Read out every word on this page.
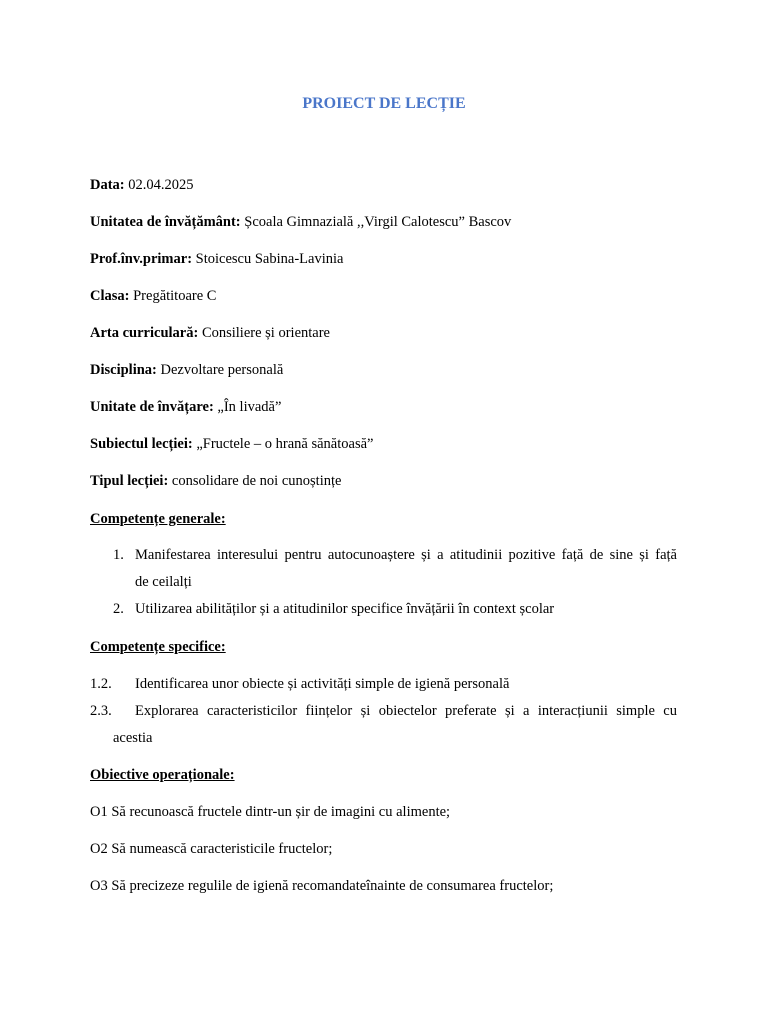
PROIECT DE LECȚIE
Data: 02.04.2025
Unitatea de învățământ: Școala Gimnazială ,,Virgil Calotescu” Bascov
Prof.înv.primar: Stoicescu Sabina-Lavinia
Clasa: Pregătitoare C
Arta curriculară: Consiliere și orientare
Disciplina: Dezvoltare personală
Unitate de învățare: „În livadă”
Subiectul lecției: „Fructele – o hrană sănătoasă”
Tipul lecției: consolidare de noi cunoștințe
Competențe generale:
1. Manifestarea interesului pentru autocunoaștere și a atitudinii pozitive față de sine și față
de ceilalți
2. Utilizarea abilităților și a atitudinilor specifice învățării în context școlar
Competențe specifice:
1.2. Identificarea unor obiecte și activități simple de igienă personală
2.3. Explorarea caracteristicilor ființelor și obiectelor preferate și a interacțiunii simple cu
acestia
Obiective operaționale:
O1 Să recunoască fructele dintr-un șir de imagini cu alimente;
O2 Să numească caracteristicile fructelor;
O3 Să precizeze regulile de igienă recomandateînainte de consumarea fructelor;
